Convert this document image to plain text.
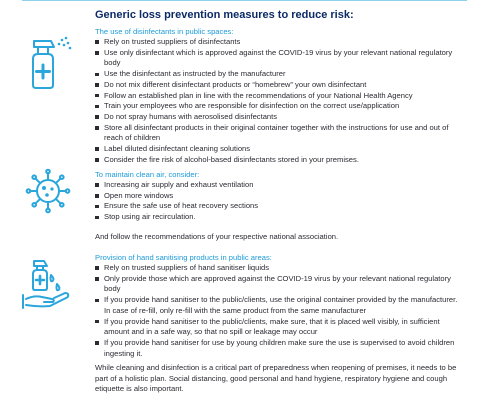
Generic loss prevention measures to reduce risk:
The use of disinfectants in public spaces:
Rely on trusted suppliers of disinfectants
Use only disinfectant which is approved against the COVID-19 virus by your relevant national regulatory body
Use the disinfectant as instructed by the manufacturer
Do not mix different disinfectant products or “homebrew” your own disinfectant
Follow an established plan in line with the recommendations of your National Health Agency
Train your employees who are responsible for disinfection on the correct use/application
Do not spray humans with aerosolised disinfectants
Store all disinfectant products in their original container together with the instructions for use and out of reach of children
Label diluted disinfectant cleaning solutions
Consider the fire risk of alcohol-based disinfectants stored in your premises.
To maintain clean air, consider:
Increasing air supply and exhaust ventilation
Open more windows
Ensure the safe use of heat recovery sections
Stop using air recirculation.
And follow the recommendations of your respective national association.
Provision of hand sanitising products in public areas:
Rely on trusted suppliers of hand sanitiser liquids
Only provide those which are approved against the COVID-19 virus by your relevant national regulatory body
If you provide hand sanitiser to the public/clients, use the original container provided by the manufacturer. In case of re-fill, only re-fill with the same product from the same manufacturer
If you provide hand sanitiser to the public/clients, make sure, that it is placed well visibly, in sufficient amount and in a safe way, so that no spill or leakage may occur
If you provide hand sanitiser for use by young children make sure the use is supervised to avoid children ingesting it.
While cleaning and disinfection is a critical part of preparedness when reopening of premises, it needs to be part of a holistic plan. Social distancing, good personal and hand hygiene, respiratory hygiene and cough etiquette is also important.
